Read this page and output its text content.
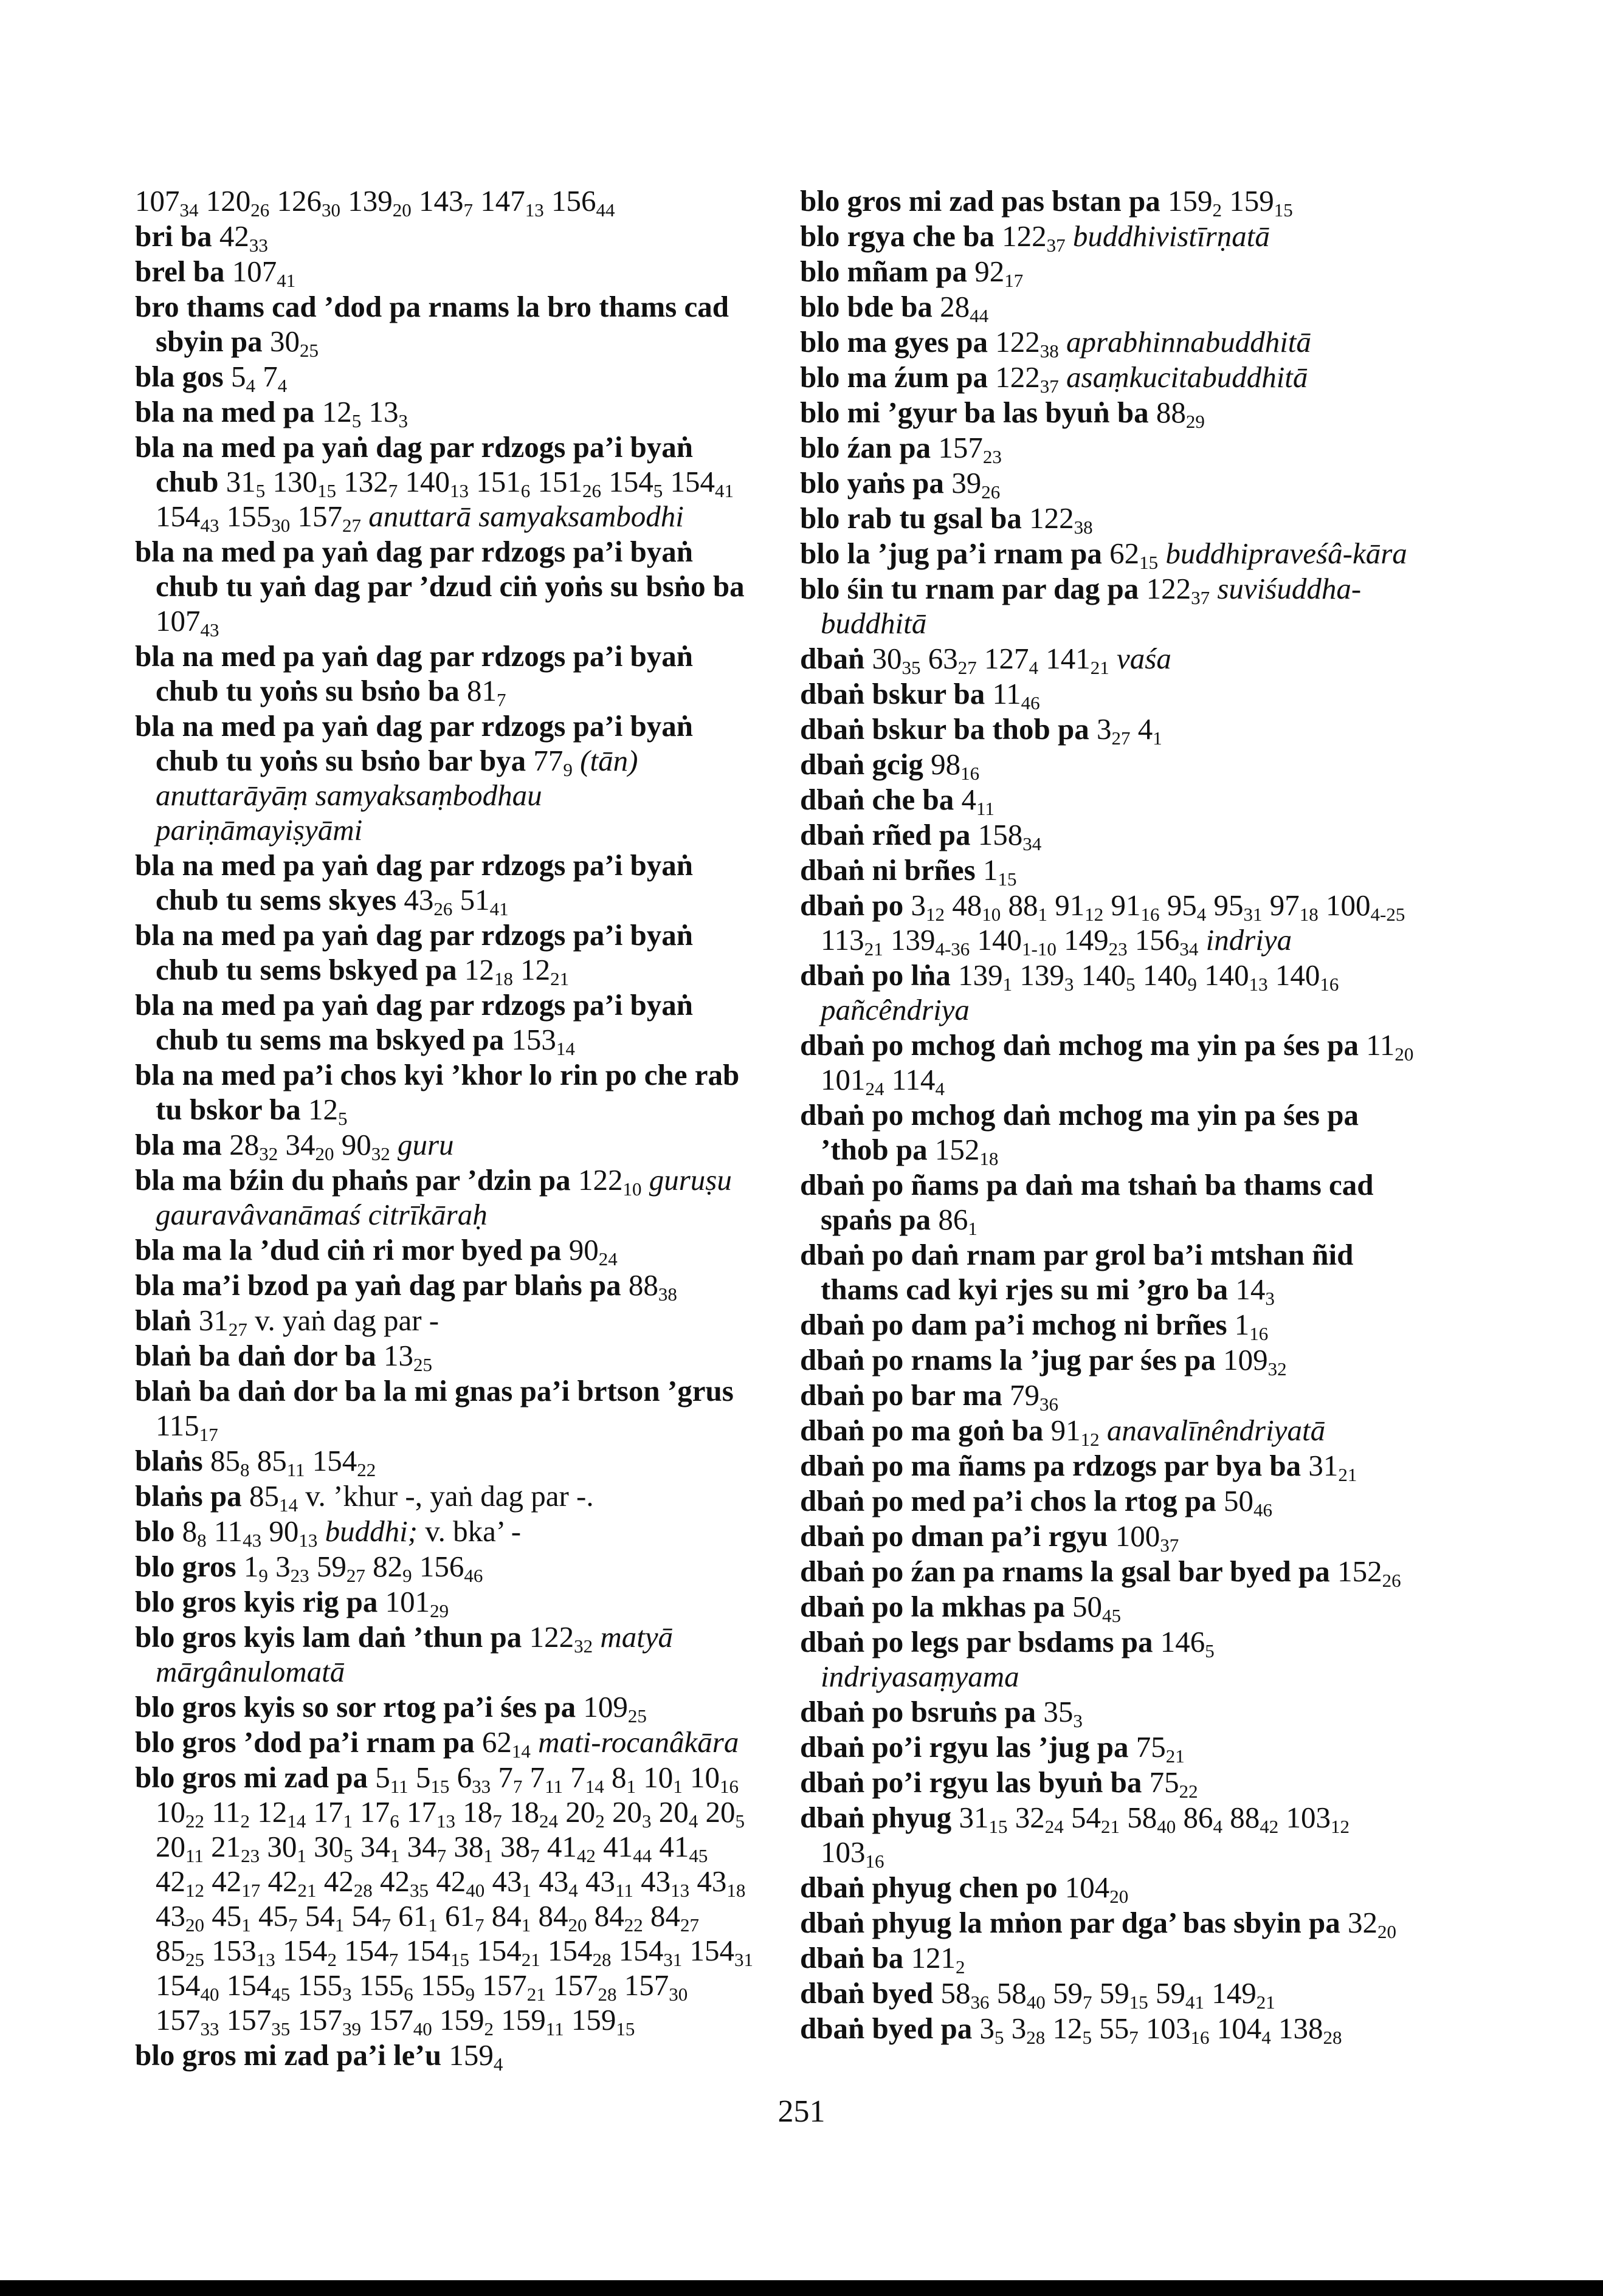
$107_{34}$ $120_{26}$ $126_{30}$ $139_{20}$ $143_7$ $147_{13}$ $156_{44}$
bri ba $42_{33}$
brel ba $107_{41}$
bro thams cad ’dod pa rnams la bro thams cad sbyin pa $30_{25}$
bla gos $5_4$ $7_4$
bla na med pa $12_5$ $13_3$
bla na med pa yaṅ dag par rdzogs pa’i byaṅ chub $31_5$ $130_{15}$ $132_7$ $140_{13}$ $151_6$ $151_{26}$ $154_5$ $154_{41}$ $154_{43}$ $155_{30}$ $157_{27}$ anuttarā samyaksambodhi
bla na med pa yaṅ dag par rdzogs pa’i byaṅ chub tu yaṅ dag par ’dzud ciṅ yoṅs su bsṅo ba $107_{43}$
bla na med pa yaṅ dag par rdzogs pa’i byaṅ chub tu yoṅs su bsṅo ba $81_7$
bla na med pa yaṅ dag par rdzogs pa’i byaṅ chub tu yoṅs su bsṅo bar bya $77_9$ (tān) anuttarāyāṃ samyaksaṃbodhau pariṇāmayiṣyāmi
bla na med pa yaṅ dag par rdzogs pa’i byaṅ chub tu sems skyes $43_{26}$ $51_{41}$
bla na med pa yaṅ dag par rdzogs pa’i byaṅ chub tu sems bskyed pa $12_{18}$ $12_{21}$
bla na med pa yaṅ dag par rdzogs pa’i byaṅ chub tu sems ma bskyed pa $153_{14}$
bla na med pa’i chos kyi ’khor lo rin po che rab tu bskor ba $12_5$
bla ma $28_{32}$ $34_{20}$ $90_{32}$ guru
bla ma bźin du phaṅs par ’dzin pa $122_{10}$ guruṣu gauravâvanāmaś citrīkāraḥ
bla ma la ’dud ciṅ ri mor byed pa $90_{24}$
bla ma’i bzod pa yaṅ dag par blaṅs pa $88_{38}$
blaṅ $31_{27}$ v. yaṅ dag par -
blaṅ ba daṅ dor ba $13_{25}$
blaṅ ba daṅ dor ba la mi gnas pa’i brtson ’grus $115_{17}$
blaṅs $85_8$ $85_{11}$ $154_{22}$
blaṅs pa $85_{14}$ v. ’khur -, yaṅ dag par -.
blo $8_8$ $11_{43}$ $90_{13}$ buddhi; v. bka’ -
blo gros $1_9$ $3_{23}$ $59_{27}$ $82_9$ $156_{46}$
blo gros kyis rig pa $101_{29}$
blo gros kyis lam daṅ ’thun pa $122_{32}$ matyā mārgânulomatā
blo gros kyis so sor rtog pa’i śes pa $109_{25}$
blo gros ’dod pa’i rnam pa $62_{14}$ mati-rocanâkāra
blo gros mi zad pa $5_{11}$ $5_{15}$ $6_{33}$ $7_7$ $7_{11}$ $7_{14}$ $8_1$ $10_1$ $10_{16}$ $10_{22}$ $11_2$ $12_{14}$ $17_1$ $17_6$ $17_{13}$ $18_7$ $18_{24}$ $20_2$ $20_3$ $20_4$ $20_5$ $20_{11}$ $21_{23}$ $30_1$ $30_5$ $34_1$ $34_7$ $38_1$ $38_7$ $41_{42}$ $41_{44}$ $41_{45}$ $42_{12}$ $42_{17}$ $42_{21}$ $42_{28}$ $42_{35}$ $42_{40}$ $43_1$ $43_4$ $43_{11}$ $43_{13}$ $43_{18}$ $43_{20}$ $45_1$ $45_7$ $54_1$ $54_7$ $61_1$ $61_7$ $84_1$ $84_{20}$ $84_{22}$ $84_{27}$ $85_{25}$ $153_{13}$ $154_2$ $154_7$ $154_{15}$ $154_{21}$ $154_{28}$ $154_{31}$ $154_{31}$ $154_{40}$ $154_{45}$ $155_3$ $155_6$ $155_9$ $157_{21}$ $157_{28}$ $157_{30}$ $157_{33}$ $157_{35}$ $157_{39}$ $157_{40}$ $159_2$ $159_{11}$ $159_{15}$
blo gros mi zad pa’i le’u $159_4$
blo gros mi zad pas bstan pa $159_2$ $159_{15}$
blo rgya che ba $122_{37}$ buddhivistīrṇatā
blo mñam pa $92_{17}$
blo bde ba $28_{44}$
blo ma gyes pa $122_{38}$ aprabhinnabuddhitā
blo ma źum pa $122_{37}$ asaṃkucitabuddhitā
blo mi ’gyur ba las byuṅ ba $88_{29}$
blo źan pa $157_{23}$
blo yaṅs pa $39_{26}$
blo rab tu gsal ba $122_{38}$
blo la ’jug pa’i rnam pa $62_{15}$ buddhipraveśâ-kāra
blo śin tu rnam par dag pa $122_{37}$ suviśuddha-buddhitā
dbaṅ $30_{35}$ $63_{27}$ $127_4$ $141_{21}$ vaśa
dbaṅ bskur ba $11_{46}$
dbaṅ bskur ba thob pa $3_{27}$ $4_1$
dbaṅ gcig $98_{16}$
dbaṅ che ba $4_{11}$
dbaṅ rñed pa $158_{34}$
dbaṅ ni brñes $1_{15}$
dbaṅ po $3_{12}$ $48_{10}$ $88_1$ $91_{12}$ $91_{16}$ $95_4$ $95_{31}$ $97_{18}$ $100_{4-25}$ $113_{21}$ $139_{4-36}$ $140_{1-10}$ $149_{23}$ $156_{34}$ indriya
dbaṅ po lṅa $139_1$ $139_3$ $140_5$ $140_9$ $140_{13}$ $140_{16}$ pañcêndriya
dbaṅ po mchog daṅ mchog ma yin pa śes pa $11_{20}$ $101_{24}$ $114_4$
dbaṅ po mchog daṅ mchog ma yin pa śes pa ’thob pa $152_{18}$
dbaṅ po ñams pa daṅ ma tshaṅ ba thams cad spaṅs pa $86_1$
dbaṅ po daṅ rnam par grol ba’i mtshan ñid thams cad kyi rjes su mi ’gro ba $14_3$
dbaṅ po dam pa’i mchog ni brñes $1_{16}$
dbaṅ po rnams la ’jug par śes pa $109_{32}$
dbaṅ po bar ma $79_{36}$
dbaṅ po ma goṅ ba $91_{12}$ anavalīnêndriyatā
dbaṅ po ma ñams pa rdzogs par bya ba $31_{21}$
dbaṅ po med pa’i chos la rtog pa $50_{46}$
dbaṅ po dman pa’i rgyu $100_{37}$
dbaṅ po źan pa rnams la gsal bar byed pa $152_{26}$
dbaṅ po la mkhas pa $50_{45}$
dbaṅ po legs par bsdams pa $146_5$ indriyasaṃyama
dbaṅ po bsruṅs pa $35_3$
dbaṅ po’i rgyu las ’jug pa $75_{21}$
dbaṅ po’i rgyu las byuṅ ba $75_{22}$
dbaṅ phyug $31_{15}$ $32_{24}$ $54_{21}$ $58_{40}$ $86_4$ $88_{42}$ $103_{12}$ $103_{16}$
dbaṅ phyug chen po $104_{20}$
dbaṅ phyug la mṅon par dga’ bas sbyin pa $32_{20}$
dbaṅ ba $121_2$
dbaṅ byed $58_{36}$ $58_{40}$ $59_7$ $59_{15}$ $59_{41}$ $149_{21}$
dbaṅ byed pa $3_5$ $3_{28}$ $12_5$ $55_7$ $103_{16}$ $104_4$ $138_{28}$
251
